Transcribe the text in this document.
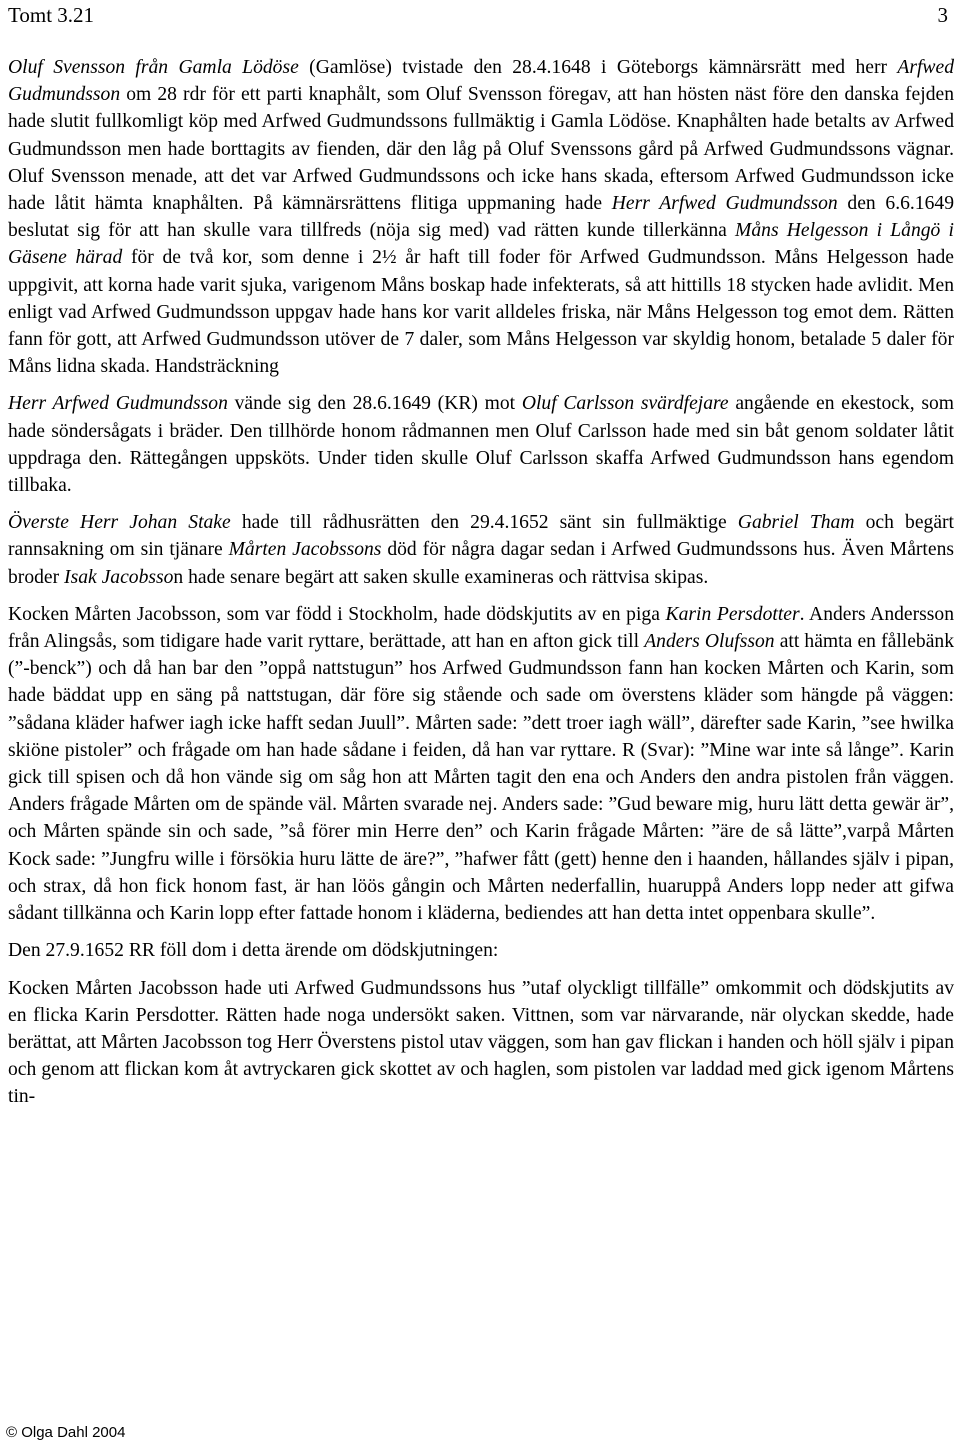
Tomt 3.21	3

Oluf Svensson från Gamla Lödöse (Gamlöse) tvistade den 28.4.1648 i Göteborgs kämnärsrätt med herr Arfwed Gudmundsson om 28 rdr för ett parti knaphålt, som Oluf Svensson föregav, att han hösten näst före den danska fejden hade slutit fullkomligt köp med Arfwed Gudmundssons fullmäktig i Gamla Lödöse. Knaphålten hade betalts av Arfwed Gudmundsson men hade borttagits av fienden, där den låg på Oluf Svenssons gård på Arfwed Gudmundssons vägnar. Oluf Svensson menade, att det var Arfwed Gudmundssons och icke hans skada, eftersom Arfwed Gudmundsson icke hade låtit hämta knaphålten. På kämnärsrättens flitiga uppmaning hade Herr Arfwed Gudmundsson den 6.6.1649 beslutat sig för att han skulle vara tillfreds (nöja sig med) vad rätten kunde tillerkänna Måns Helgesson i Långö i Gäsene härad för de två kor, som denne i 2½ år haft till foder för Arfwed Gudmundsson. Måns Helgesson hade uppgivit, att korna hade varit sjuka, varigenom Måns boskap hade infekterats, så att hittills 18 stycken hade avlidit. Men enligt vad Arfwed Gudmundsson uppgav hade hans kor varit alldeles friska, när Måns Helgesson tog emot dem. Rätten fann för gott, att Arfwed Gudmundsson utöver de 7 daler, som Måns Helgesson var skyldig honom, betalade 5 daler för Måns lidna skada. Handsträckning

Herr Arfwed Gudmundsson vände sig den 28.6.1649 (KR) mot Oluf Carlsson svärdfejare angående en ekestock, som hade söndersågats i bräder. Den tillhörde honom rådmannen men Oluf Carlsson hade med sin båt genom soldater låtit uppdraga den. Rättegången uppsköts. Under tiden skulle Oluf Carlsson skaffa Arfwed Gudmundsson hans egendom tillbaka.

Överste Herr Johan Stake hade till rådhusrätten den 29.4.1652 sänt sin fullmäktige Gabriel Tham och begärt rannsakning om sin tjänare Mårten Jacobssons död för några dagar sedan i Arfwed Gudmundssons hus. Även Mårtens broder Isak Jacobsson hade senare begärt att saken skulle examineras och rättvisa skipas.

Kocken Mårten Jacobsson, som var född i Stockholm, hade dödskjutits av en piga Karin Persdotter. Anders Andersson från Alingsås, som tidigare hade varit ryttare, berättade, att han en afton gick till Anders Olufsson att hämta en fållebänk (”-benck”) och då han bar den ”oppå nattstugun” hos Arfwed Gudmundsson fann han kocken Mårten och Karin, som hade bäddat upp en säng på nattstugan, där före sig stående och sade om överstens kläder som hängde på väggen: ”sådana kläder hafwer iagh icke hafft sedan Juull”. Mårten sade: ”dett troer iagh wäll”, därefter sade Karin, ”see hwilka skiöne pistoler” och frågade om han hade sådane i feiden, då han var ryttare. R (Svar): ”Mine war inte så långe”. Karin gick till spisen och då hon vände sig om såg hon att Mårten tagit den ena och Anders den andra pistolen från väggen. Anders frågade Mårten om de spände väl. Mårten svarade nej. Anders sade: ”Gud beware mig, huru lätt detta gewär är”, och Mårten spände sin och sade, ”så förer min Herre den” och Karin frågade Mårten: ”äre de så lätte”,varpå Mårten Kock sade: ”Jungfru wille i försökia huru lätte de äre?”, ”hafwer fått (gett) henne den i haanden, hållandes själv i pipan, och strax, då hon fick honom fast, är han löös gångin och Mårten nederfallin, huaruppå Anders lopp neder att gifwa sådant tillkänna och Karin lopp efter fattade honom i kläderna, bediendes att han detta intet oppenbara skulle”.

Den 27.9.1652 RR föll dom i detta ärende om dödskjutningen:

Kocken Mårten Jacobsson hade uti Arfwed Gudmundssons hus ”utaf olyckligt tillfälle” omkommit och dödskjutits av en flicka Karin Persdotter. Rätten hade noga undersökt saken. Vittnen, som var närvarande, när olyckan skedde, hade berättat, att Mårten Jacobsson tog Herr Överstens pistol utav väggen, som han gav flickan i handen och höll själv i pipan och genom att flickan kom åt avtryckaren gick skottet av och haglen, som pistolen var laddad med gick igenom Mårtens tin-

© Olga Dahl 2004
